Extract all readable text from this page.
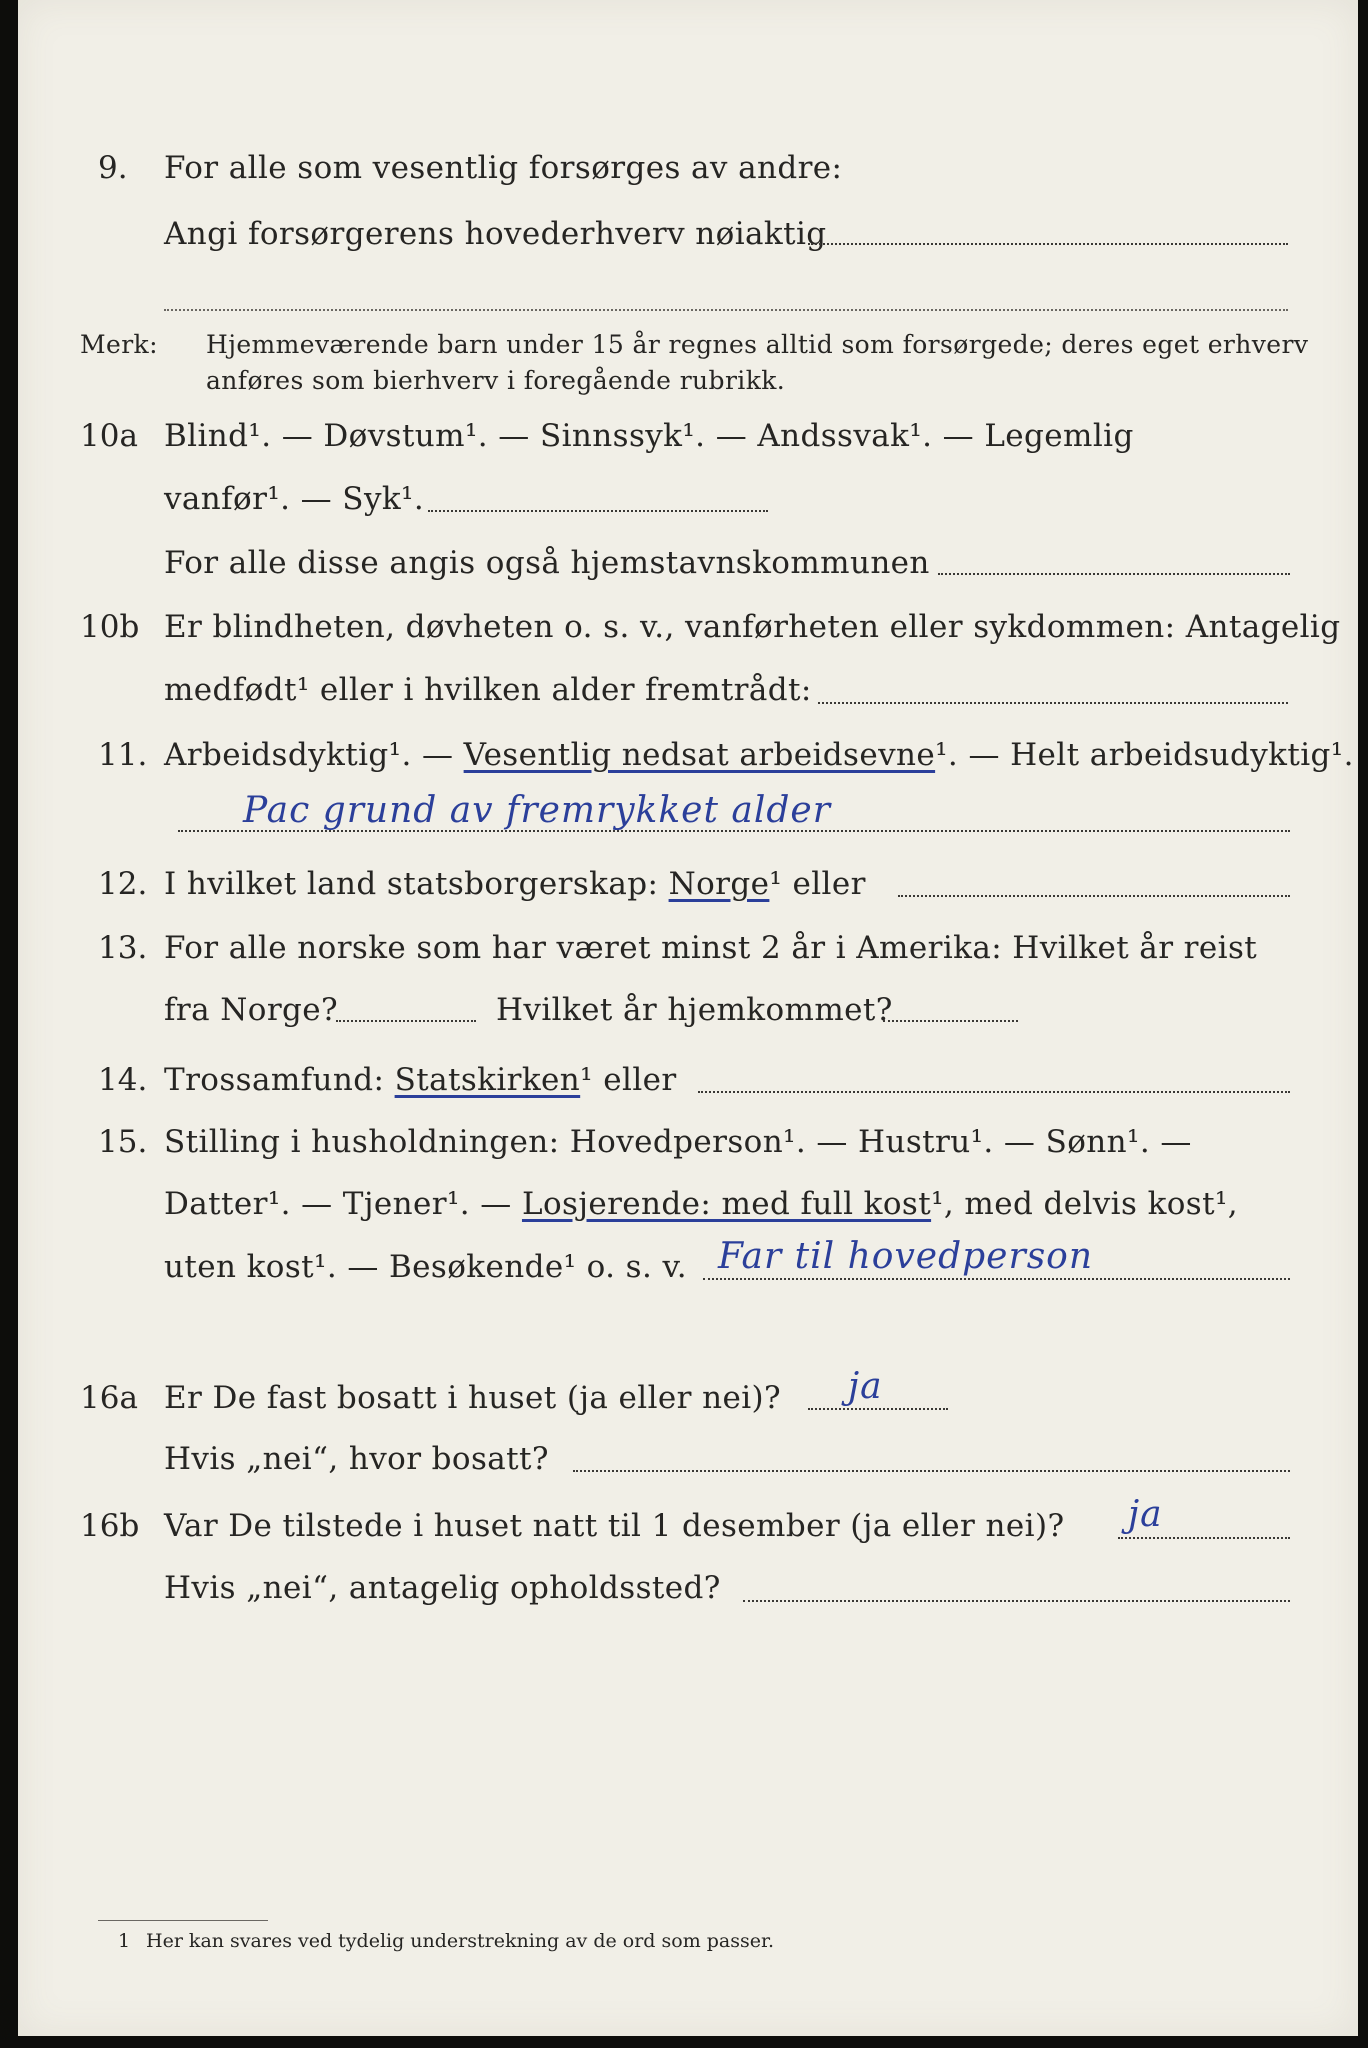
9. For alle som vesentlig forsørges av andre:
Angi forsørgerens hovederhverv nøiaktig
Merk: Hjemmeværende barn under 15 år regnes alltid som forsørgede; deres eget erhverv
anføres som bierhverv i foregående rubrikk.
10a Blind¹. — Døvstum¹. — Sinnssyk¹. — Andssvak¹. — Legemlig
vanfør¹. — Syk¹.
For alle disse angis også hjemstavnskommunen
10b Er blindheten, døvheten o. s. v., vanførheten eller sykdommen: Antagelig
medfødt¹ eller i hvilken alder fremtrådt:
11. Arbeidsdyktig¹. — Vesentlig nedsat arbeidsevne¹. — Helt arbeidsudyktig¹.
Pac grund av fremrykket alder
12. I hvilket land statsborgerskap: Norge¹ eller
13. For alle norske som har været minst 2 år i Amerika: Hvilket år reist
fra Norge?	Hvilket år hjemkommet?
14. Trossamfund: Statskirken¹ eller
15. Stilling i husholdningen: Hovedperson¹. — Hustru¹. — Sønn¹. —
Datter¹. — Tjener¹. — Losjerende: med full kost¹, med delvis kost¹,
uten kost¹. — Besøkende¹ o. s. v. Far til hovedperson
16a Er De fast bosatt i huset (ja eller nei)? ja
Hvis „nei“, hvor bosatt?
16b Var De tilstede i huset natt til 1 desember (ja eller nei)? ja
Hvis „nei“, antagelig opholdssted?
1 Her kan svares ved tydelig understrekning av de ord som passer.
